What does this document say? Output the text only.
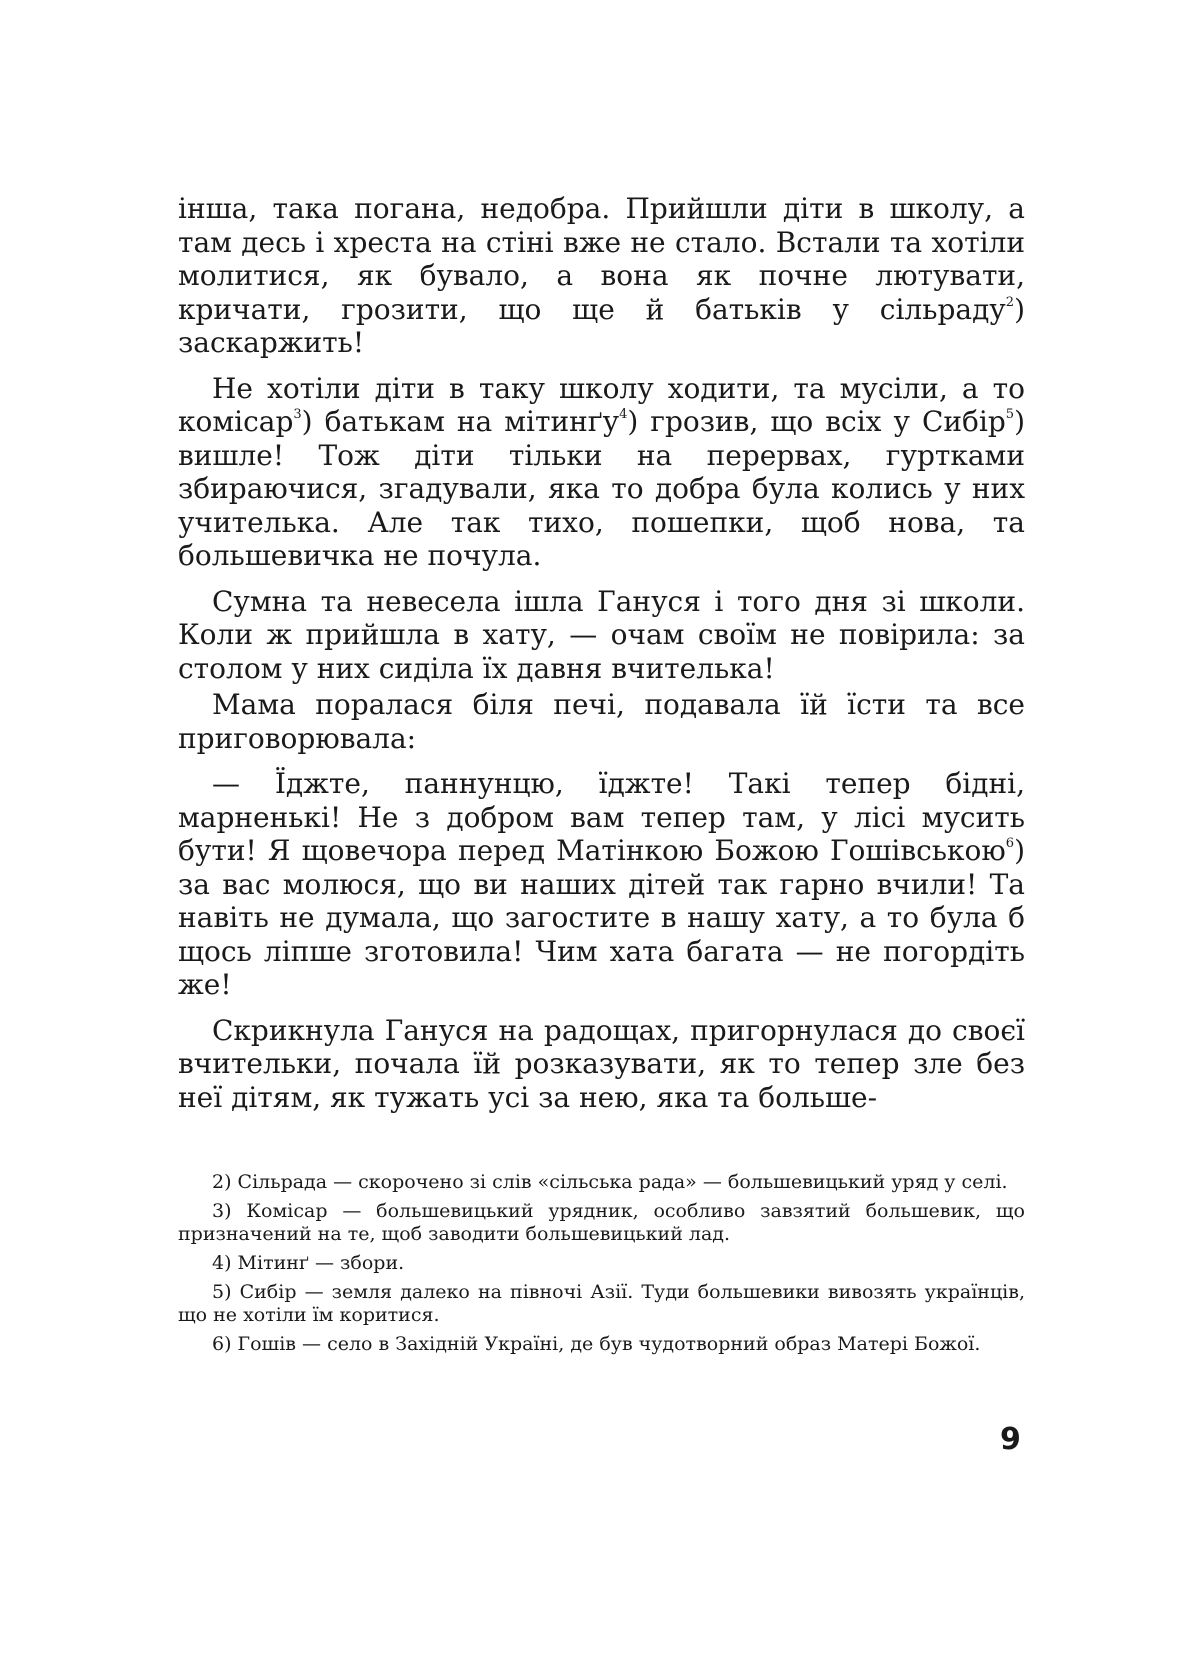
інша, така погана, недобра. Прийшли діти в школу, а там десь і хреста на стіні вже не стало. Встали та хотіли молитися, як бувало, а вона як почне лютувати, кричати, грозити, що ще й батьків у сільраду$^2$) заскаржить!

Не хотіли діти в таку школу ходити, та мусіли, а то комісар$^3$) батькам на мітинґу$^4$) грозив, що всіх у Сибір$^5$) вишле! Тож діти тільки на перервах, гуртками збираючися, згадували, яка то добра була колись у них учителька. Але так тихо, пошепки, щоб нова, та большевичка не почула.

Сумна та невесела ішла Гануся і того дня зі школи. Коли ж прийшла в хату, — очам своїм не повірила: за столом у них сиділа їх давня вчителька!

Мама поралася біля печі, подавала їй їсти та все приговорювала:

— Їджте, паннунцю, їджте! Такі тепер бідні, марненькі! Не з добром вам тепер там, у лісі мусить бути! Я щовечора перед Матінкою Божою Гошівською$^6$) за вас молюся, що ви наших дітей так гарно вчили! Та навіть не думала, що загостите в нашу хату, а то була б щось ліпше зготовила! Чим хата багата — не погордіть же!

Скрикнула Гануся на радощах, пригорнулася до своєї вчительки, почала їй розказувати, як то тепер зле без неї дітям, як тужать усі за нею, яка та больше-

2) Сільрада — скорочено зі слів «сільська рада» — большевицький уряд у селі.

3) Комісар — большевицький урядник, особливо завзятий большевик, що призначений на те, щоб заводити большевицький лад.

4) Мітинґ — збори.

5) Сибір — земля далеко на півночі Азії. Туди большевики вивозять українців, що не хотіли їм коритися.

6) Гошів — село в Західній Україні, де був чудотворний образ Матері Божої.

9
